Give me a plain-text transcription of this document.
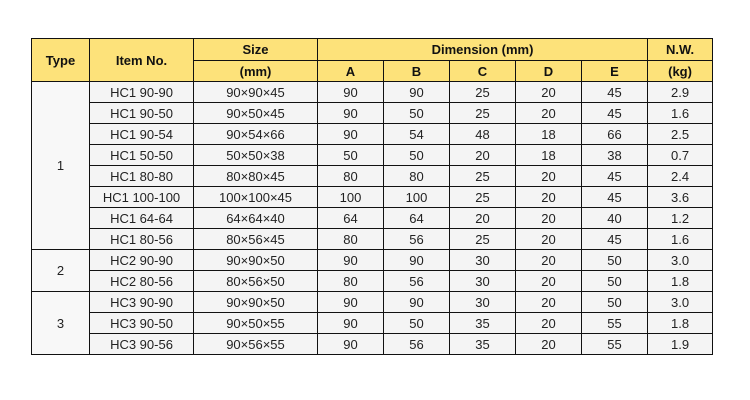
Type	Item No.	Size	Dimension (mm)					N.W.
		(mm)	A	B	C	D	E	(kg)
1	HC1 90-90	90×90×45	90	90	25	20	45	2.9
	HC1 90-50	90×50×45	90	50	25	20	45	1.6
	HC1 90-54	90×54×66	90	54	48	18	66	2.5
	HC1 50-50	50×50×38	50	50	20	18	38	0.7
	HC1 80-80	80×80×45	80	80	25	20	45	2.4
	HC1 100-100	100×100×45	100	100	25	20	45	3.6
	HC1 64-64	64×64×40	64	64	20	20	40	1.2
	HC1 80-56	80×56×45	80	56	25	20	45	1.6
2	HC2 90-90	90×90×50	90	90	30	20	50	3.0
	HC2 80-56	80×56×50	80	56	30	20	50	1.8
3	HC3 90-90	90×90×50	90	90	30	20	50	3.0
	HC3 90-50	90×50×55	90	50	35	20	55	1.8
	HC3 90-56	90×56×55	90	56	35	20	55	1.9
